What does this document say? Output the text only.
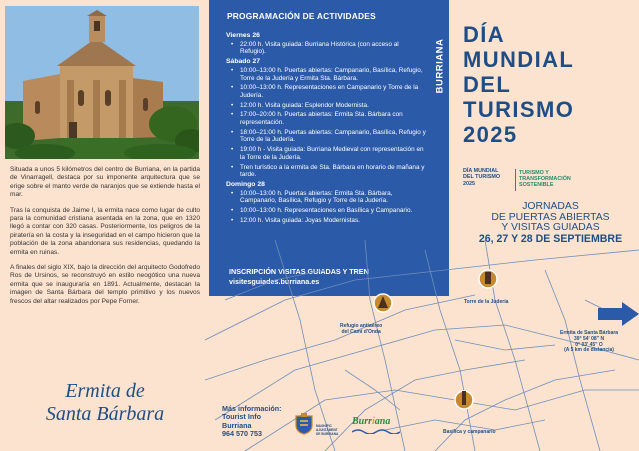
Situada a unos 5 kilómetros del centro de Burriana, en la partida de Vinarragell, destaca por su imponente arquitectura que se erige sobre el manto verde de naranjos que se extiende hasta el mar.

Tras la conquista de Jaime I, la ermita nace como lugar de culto para la comunidad cristiana asentada en la zona, que en 1320 llegó a contar con 320 casas. Posteriormente, los peligros de la piratería en la costa y la inseguridad en el campo hicieron que la población de la zona abandonara sus residencias, quedando la ermita en ruinas.

A finales del siglo XIX, bajo la dirección del arquitecto Godofredo Ros de Ursinos, se reconstruyó en estilo neogótico una nueva ermita que se inauguraría en 1891. Actualmente, destacan la imagen de Santa Bárbara del templo primitivo y los nuevos frescos del altar realizados por Pepe Forner.

Ermita de
Santa Bárbara
BURRIANA
PROGRAMACIÓN DE ACTIVIDADES
Viernes 26
• 22:00 h. Visita guiada: Burriana Histórica (con acceso al Refugio).
Sábado 27
• 10:00–13:00 h. Puertas abiertas: Campanario, Basílica, Refugio, Torre de la Judería y Ermita Sta. Bárbara.
• 10:00–13:00 h. Representaciones en Campanario y Torre de la Judería.
• 12:00 h. Visita guiada: Esplendor Modernista.
• 17:00–20:00 h. Puertas abiertas: Ermita Sta. Bárbara con representación.
• 18:00–21:00 h. Puertas abiertas: Campanario, Basílica, Refugio y Torre de la Judería.
• 19:00 h - Visita guiada: Burriana Medieval con representación en la Torre de la Judería.
• Tren turístico a la ermita de Sta. Bárbara en horario de mañana y tarde.
Domingo 28
• 10:00–13:00 h. Puertas abiertas: Ermita Sta. Bárbara, Campanario, Basílica, Refugio y Torre de la Judería.
• 10:00–13:00 h. Representaciones en Basílica y Campanario.
• 12:00 h. Visita guiada: Joyas Modernistas.
INSCRIPCIÓN VISITAS GUIADAS Y TREN
visitesguiades.burriana.es
DÍA
MUNDIAL
DEL
TURISMO
2025
DÍA MUNDIAL
DEL TURISMO
2025
TURISMO Y
TRANSFORMACIÓN
SOSTENIBLE
JORNADAS
DE PUERTAS ABIERTAS
Y VISITAS GUIADAS
26, 27 Y 28 DE SEPTIEMBRE
Refugio antiaéreo
del Camí d'Onda
Torre de la Judería
Ermita de Santa Bárbara
39° 54' 08" N
0° 03' 45" O
(A 5 km de distancia)
Basílica y campanario
Más información:
Tourist Info
Burriana
964 570 753
MAGNÍFIC
AJUNTAMENT
DE BURRIANA
Burriana
